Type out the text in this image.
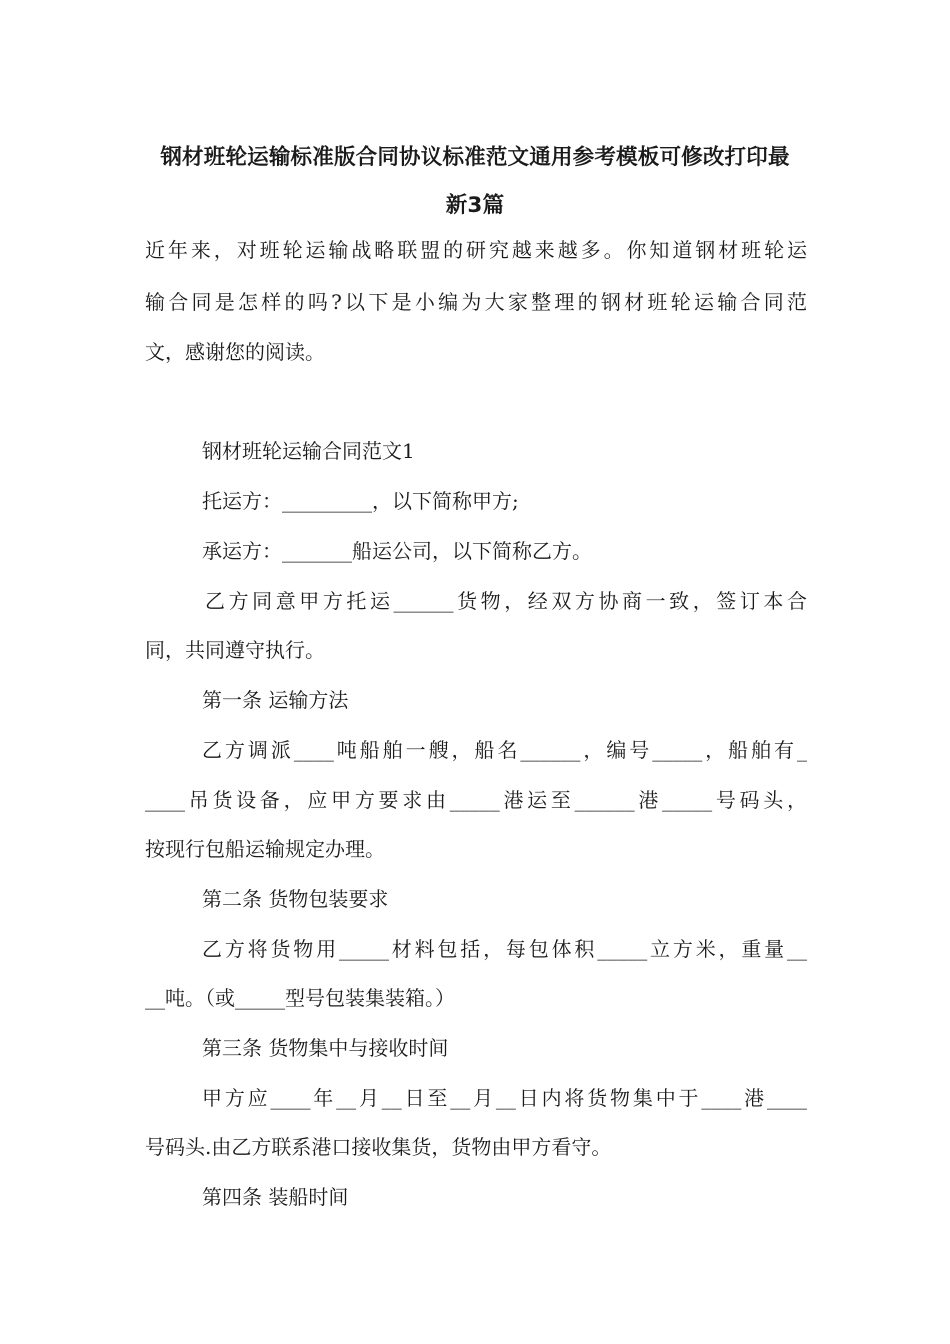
钢材班轮运输标准版合同协议标准范文通用参考模板可修改打印最
新3篇
近年来，对班轮运输战略联盟的研究越来越多。你知道钢材班轮运
输合同是怎样的吗?以下是小编为大家整理的钢材班轮运输合同范
文，感谢您的阅读。
钢材班轮运输合同范文1
托运方：_________，以下简称甲方;
承运方：_______船运公司，以下简称乙方。
乙方同意甲方托运______货物，经双方协商一致，签订本合
同，共同遵守执行。
第一条 运输方法
乙方调派____吨船舶一艘，船名______，编号_____，船舶有_
____吊货设备，应甲方要求由_____港运至______港_____号码头，
按现行包船运输规定办理。
第二条 货物包装要求
乙方将货物用_____材料包括，每包体积_____立方米，重量__
__吨。（或_____型号包装集装箱。）
第三条 货物集中与接收时间
甲方应____年__月__日至__月__日内将货物集中于____港____
号码头.由乙方联系港口接收集货，货物由甲方看守。
第四条 装船时间
